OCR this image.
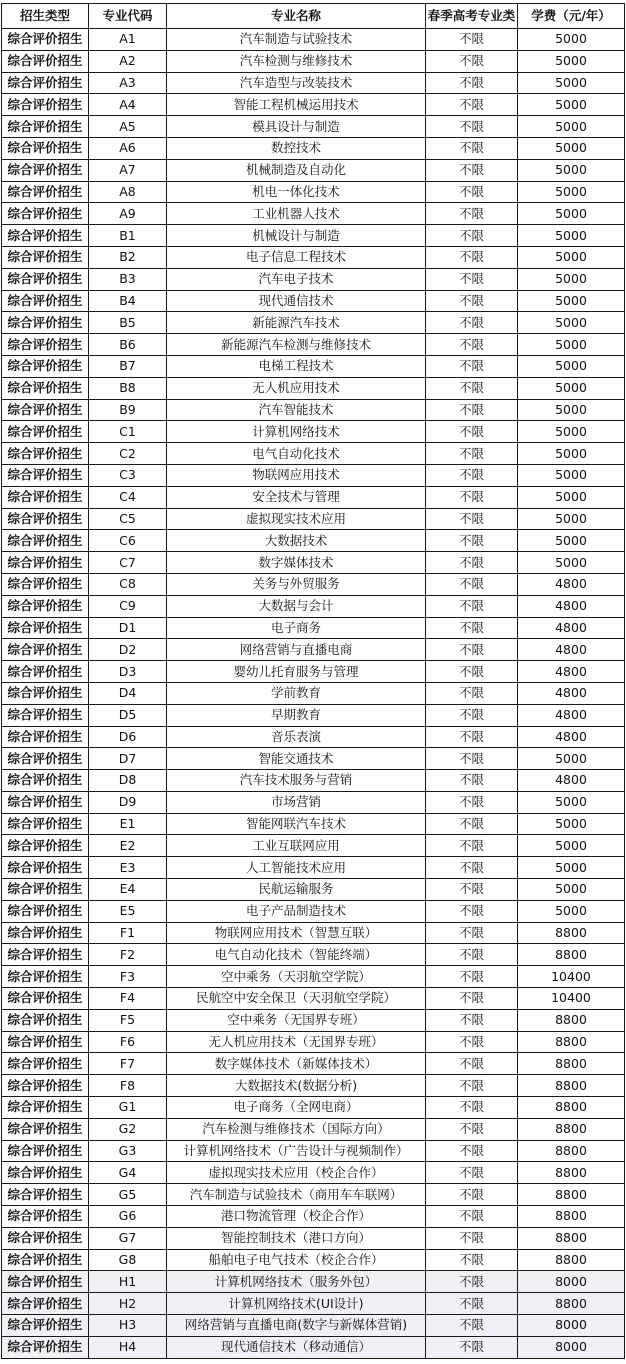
招生类型	专业代码	专业名称	春季高考专业类	学费（元/年）
综合评价招生	A1	汽车制造与试验技术	不限	5000
综合评价招生	A2	汽车检测与维修技术	不限	5000
综合评价招生	A3	汽车造型与改装技术	不限	5000
综合评价招生	A4	智能工程机械运用技术	不限	5000
综合评价招生	A5	模具设计与制造	不限	5000
综合评价招生	A6	数控技术	不限	5000
综合评价招生	A7	机械制造及自动化	不限	5000
综合评价招生	A8	机电一体化技术	不限	5000
综合评价招生	A9	工业机器人技术	不限	5000
综合评价招生	B1	机械设计与制造	不限	5000
综合评价招生	B2	电子信息工程技术	不限	5000
综合评价招生	B3	汽车电子技术	不限	5000
综合评价招生	B4	现代通信技术	不限	5000
综合评价招生	B5	新能源汽车技术	不限	5000
综合评价招生	B6	新能源汽车检测与维修技术	不限	5000
综合评价招生	B7	电梯工程技术	不限	5000
综合评价招生	B8	无人机应用技术	不限	5000
综合评价招生	B9	汽车智能技术	不限	5000
综合评价招生	C1	计算机网络技术	不限	5000
综合评价招生	C2	电气自动化技术	不限	5000
综合评价招生	C3	物联网应用技术	不限	5000
综合评价招生	C4	安全技术与管理	不限	5000
综合评价招生	C5	虚拟现实技术应用	不限	5000
综合评价招生	C6	大数据技术	不限	5000
综合评价招生	C7	数字媒体技术	不限	5000
综合评价招生	C8	关务与外贸服务	不限	4800
综合评价招生	C9	大数据与会计	不限	4800
综合评价招生	D1	电子商务	不限	4800
综合评价招生	D2	网络营销与直播电商	不限	4800
综合评价招生	D3	婴幼儿托育服务与管理	不限	4800
综合评价招生	D4	学前教育	不限	4800
综合评价招生	D5	早期教育	不限	4800
综合评价招生	D6	音乐表演	不限	4800
综合评价招生	D7	智能交通技术	不限	5000
综合评价招生	D8	汽车技术服务与营销	不限	4800
综合评价招生	D9	市场营销	不限	5000
综合评价招生	E1	智能网联汽车技术	不限	5000
综合评价招生	E2	工业互联网应用	不限	5000
综合评价招生	E3	人工智能技术应用	不限	5000
综合评价招生	E4	民航运输服务	不限	5000
综合评价招生	E5	电子产品制造技术	不限	5000
综合评价招生	F1	物联网应用技术（智慧互联）	不限	8800
综合评价招生	F2	电气自动化技术（智能终端）	不限	8800
综合评价招生	F3	空中乘务（天羽航空学院）	不限	10400
综合评价招生	F4	民航空中安全保卫（天羽航空学院）	不限	10400
综合评价招生	F5	空中乘务（无国界专班）	不限	8800
综合评价招生	F6	无人机应用技术（无国界专班）	不限	8800
综合评价招生	F7	数字媒体技术（新媒体技术）	不限	8800
综合评价招生	F8	大数据技术(数据分析)	不限	8800
综合评价招生	G1	电子商务（全网电商）	不限	8800
综合评价招生	G2	汽车检测与维修技术（国际方向）	不限	8800
综合评价招生	G3	计算机网络技术（广告设计与视频制作）	不限	8800
综合评价招生	G4	虚拟现实技术应用（校企合作）	不限	8800
综合评价招生	G5	汽车制造与试验技术（商用车车联网）	不限	8800
综合评价招生	G6	港口物流管理（校企合作）	不限	8800
综合评价招生	G7	智能控制技术（港口方向）	不限	8800
综合评价招生	G8	船舶电子电气技术（校企合作）	不限	8800
综合评价招生	H1	计算机网络技术（服务外包）	不限	8000
综合评价招生	H2	计算机网络技术(UI设计)	不限	8800
综合评价招生	H3	网络营销与直播电商(数字与新媒体营销)	不限	8000
综合评价招生	H4	现代通信技术（移动通信）	不限	8000
